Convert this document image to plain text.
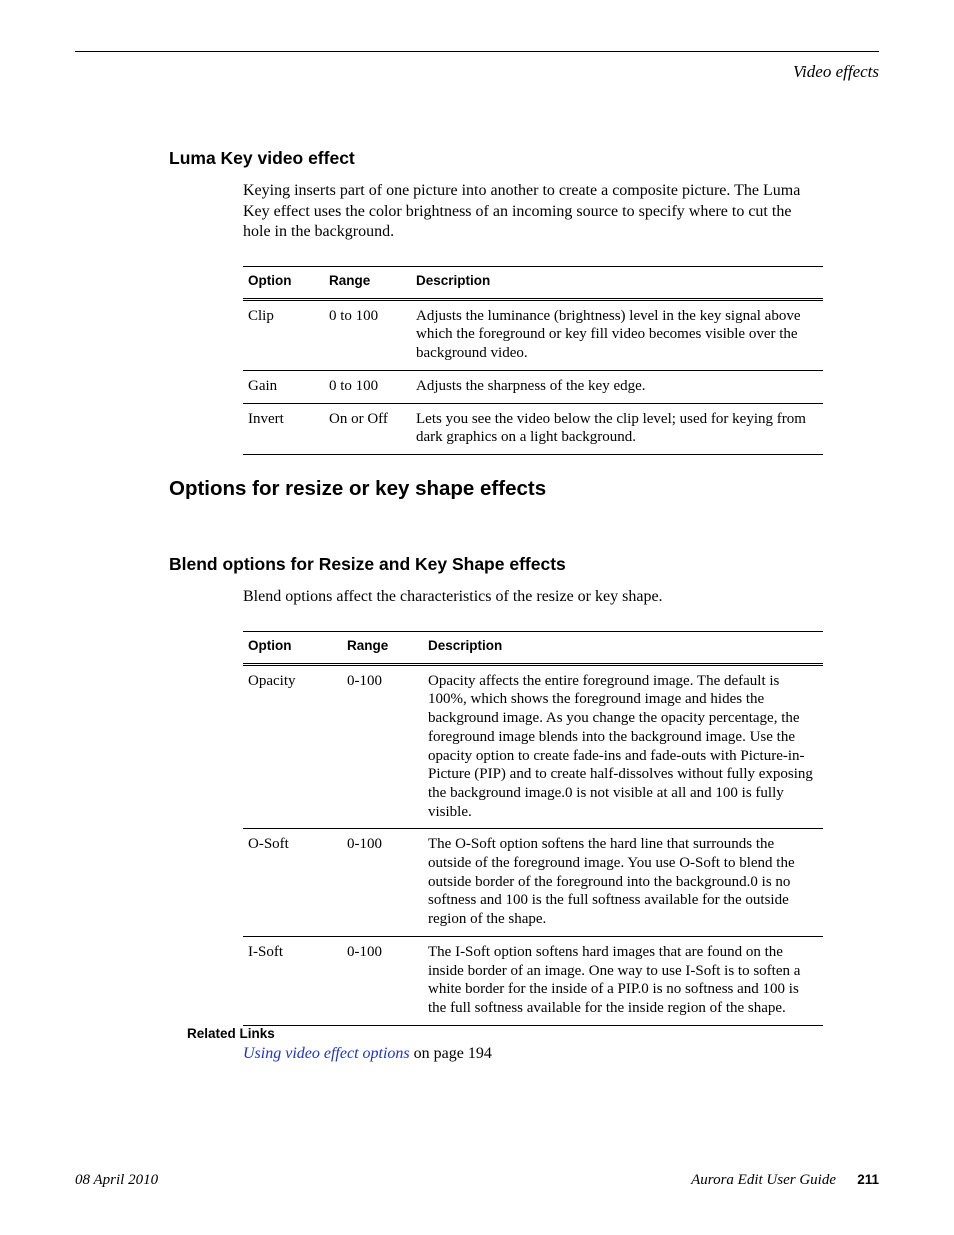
Video effects
Luma Key video effect
Keying inserts part of one picture into another to create a composite picture. The Luma
Key effect uses the color brightness of an incoming source to specify where to cut the
hole in the background.
Option	Range	Description
Clip	0 to 100	Adjusts the luminance (brightness) level in the key signal above which the foreground or key fill video becomes visible over the background video.
Gain	0 to 100	Adjusts the sharpness of the key edge.
Invert	On or Off	Lets you see the video below the clip level; used for keying from dark graphics on a light background.
Options for resize or key shape effects
Blend options for Resize and Key Shape effects
Blend options affect the characteristics of the resize or key shape.
Option	Range	Description
Opacity	0-100	Opacity affects the entire foreground image. The default is 100%, which shows the foreground image and hides the background image. As you change the opacity percentage, the foreground image blends into the background image. Use the opacity option to create fade-ins and fade-outs with Picture-in-Picture (PIP) and to create half-dissolves without fully exposing the background image.0 is not visible at all and 100 is fully visible.
O-Soft	0-100	The O-Soft option softens the hard line that surrounds the outside of the foreground image. You use O-Soft to blend the outside border of the foreground into the background.0 is no softness and 100 is the full softness available for the outside region of the shape.
I-Soft	0-100	The I-Soft option softens hard images that are found on the inside border of an image. One way to use I-Soft is to soften a white border for the inside of a PIP.0 is no softness and 100 is the full softness available for the inside region of the shape.
Related Links
Using video effect options on page 194
08 April 2010	Aurora Edit User Guide 211
